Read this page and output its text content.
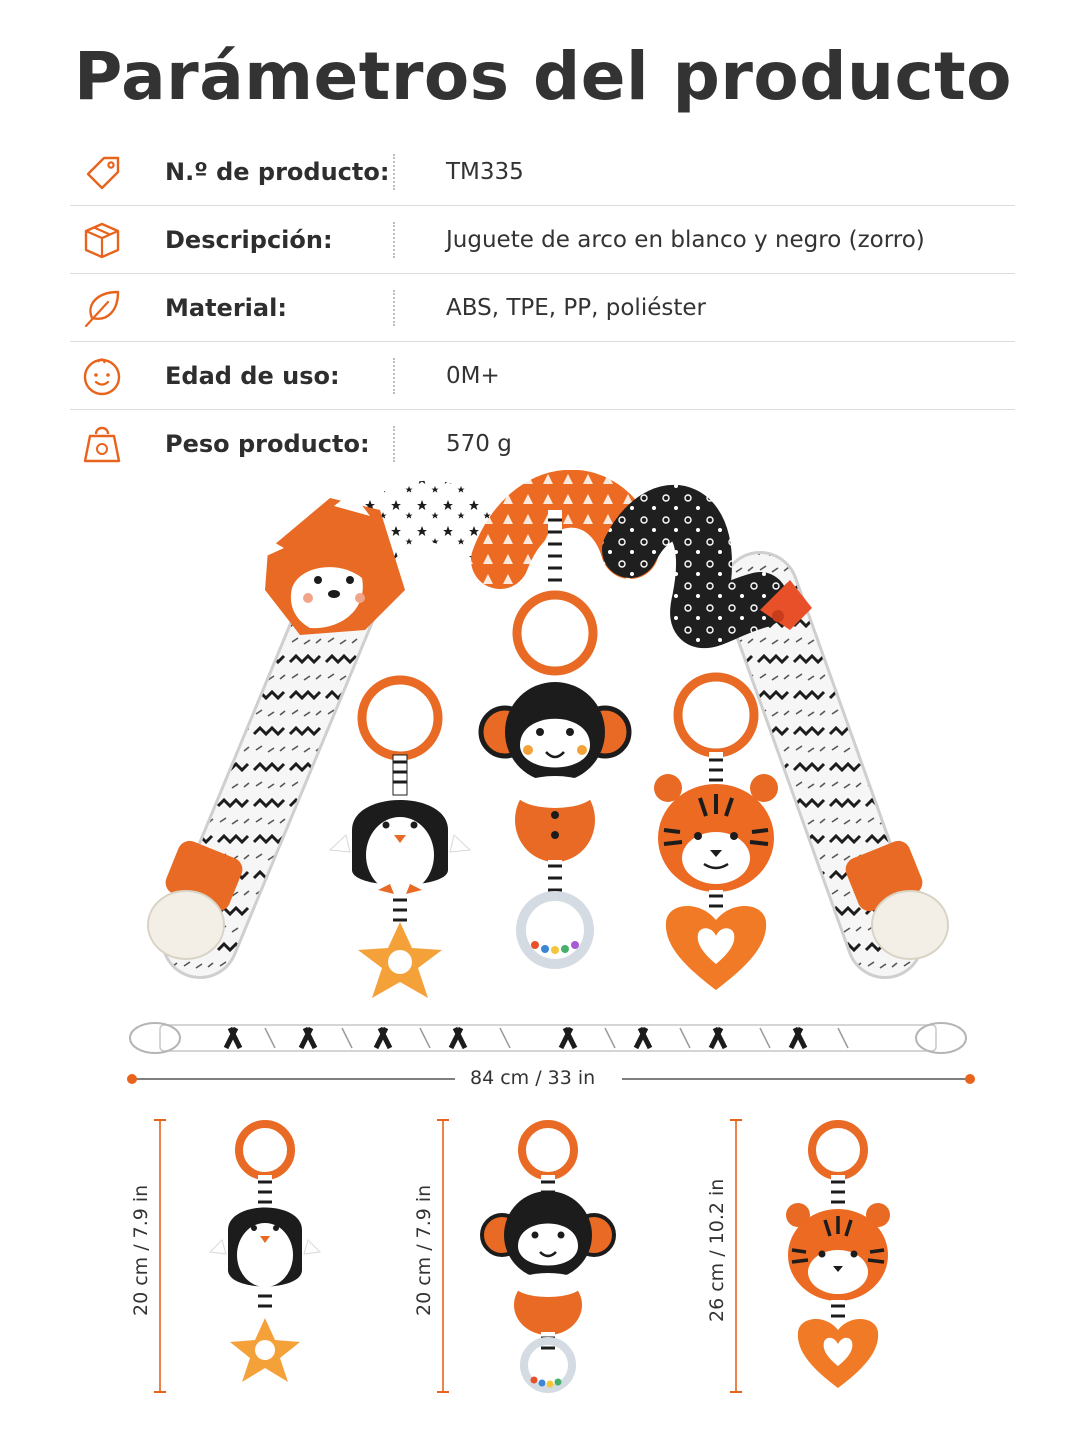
Parámetros del producto
N.º de producto: TM335
Descripción:	Juguete de arco en blanco y negro (zorro)
Material:	ABS, TPE, PP, poliéster
Edad de uso:	0M+
Peso producto:	570 g
84 cm / 33 in
20 cm / 7.9 in	20 cm / 7.9 in	26 cm / 10.2 in
